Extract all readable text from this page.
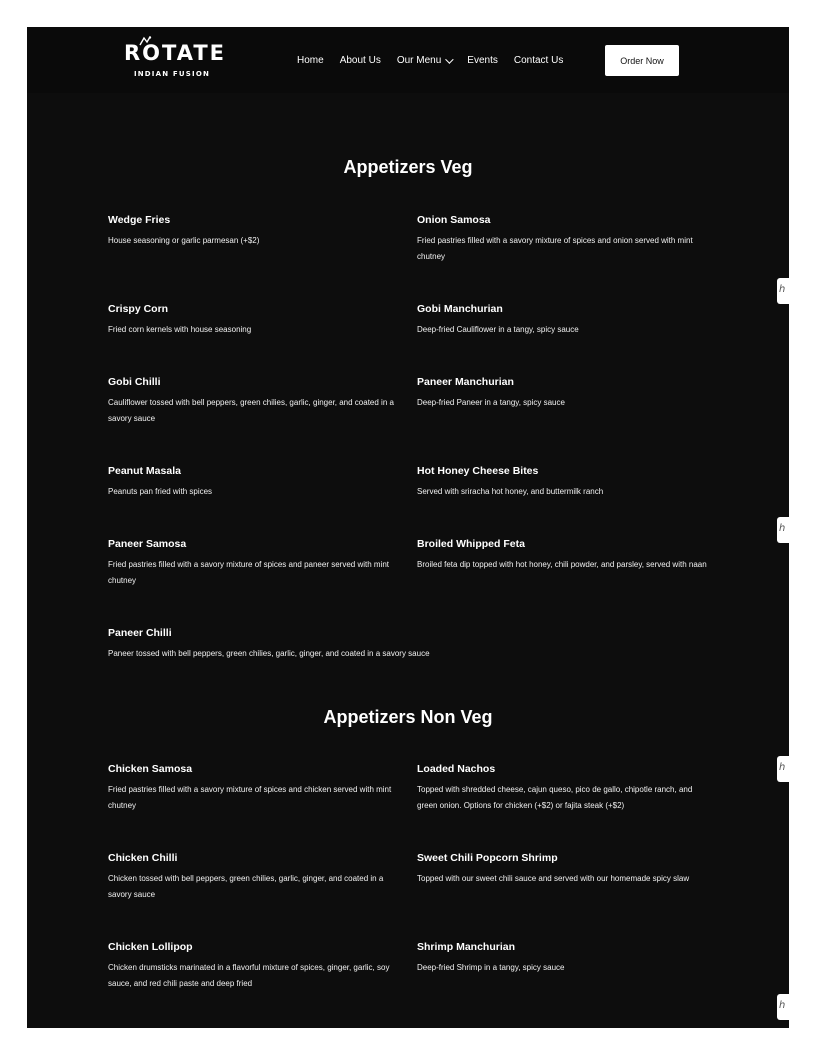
ROTATE
INDIAN FUSION
Home About Us Our Menu	Events Contact Us	Order Now
Appetizers Veg
Wedge Fries
House seasoning or garlic parmesan (+$2)
Onion Samosa
Fried pastries filled with a savory mixture of spices and onion served with mint chutney
Crispy Corn
Fried corn kernels with house seasoning
Gobi Manchurian
Deep-fried Cauliflower in a tangy, spicy sauce
Gobi Chilli
Cauliflower tossed with bell peppers, green chilies, garlic, ginger, and coated in a savory sauce
Paneer Manchurian
Deep-fried Paneer in a tangy, spicy sauce
Peanut Masala
Peanuts pan fried with spices
Hot Honey Cheese Bites
Served with sriracha hot honey, and buttermilk ranch
Paneer Samosa
Fried pastries filled with a savory mixture of spices and paneer served with mint chutney
Broiled Whipped Feta
Broiled feta dip topped with hot honey, chili powder, and parsley, served with naan
Paneer Chilli
Paneer tossed with bell peppers, green chilies, garlic, ginger, and coated in a savory sauce
Appetizers Non Veg
Chicken Samosa
Fried pastries filled with a savory mixture of spices and chicken served with mint chutney
Loaded Nachos
Topped with shredded cheese, cajun queso, pico de gallo, chipotle ranch, and green onion. Options for chicken (+$2) or fajita steak (+$2)
Chicken Chilli
Chicken tossed with bell peppers, green chilies, garlic, ginger, and coated in a savory sauce
Sweet Chili Popcorn Shrimp
Topped with our sweet chili sauce and served with our homemade spicy slaw
Chicken Lollipop
Chicken drumsticks marinated in a flavorful mixture of spices, ginger, garlic, soy sauce, and red chili paste and deep fried
Shrimp Manchurian
Deep-fried Shrimp in a tangy, spicy sauce
ℎ
ℎ
ℎ
ℎ
